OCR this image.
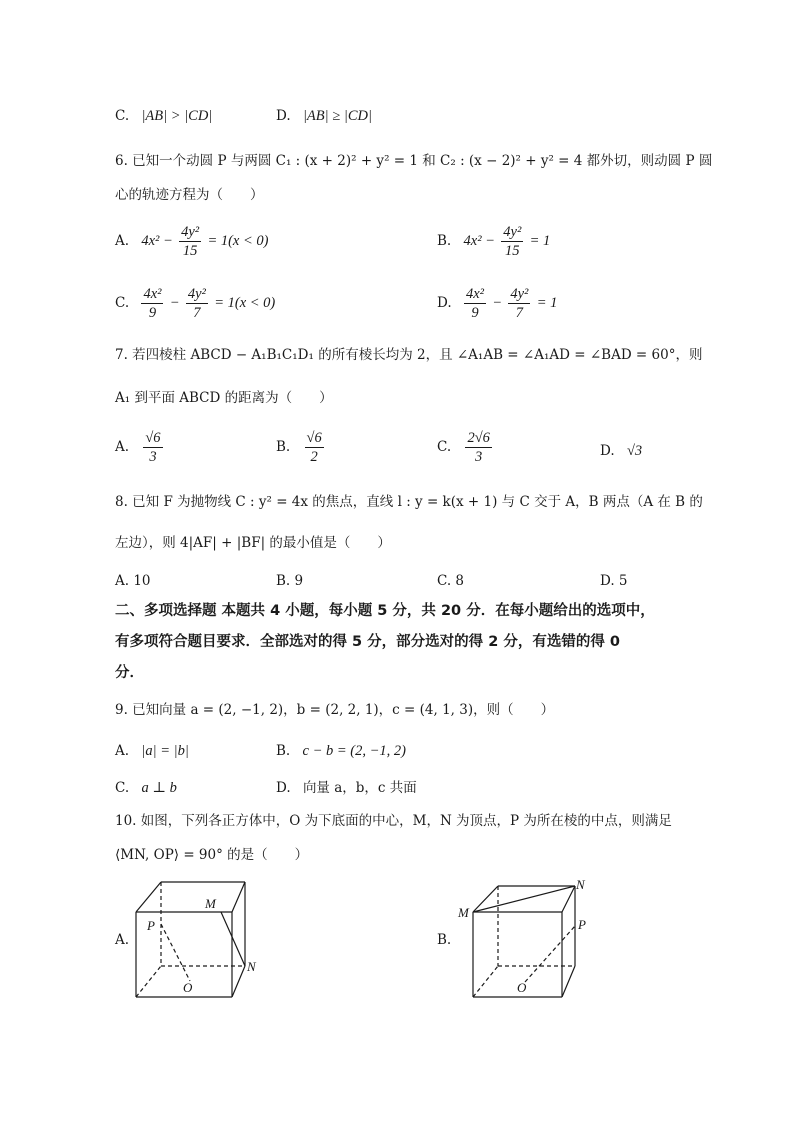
C. |AB| > |CD|	D. |AB| ≥ |CD|
6. 已知一个动圆 P 与两圆 C₁ : (x + 2)² + y² = 1 和 C₂ : (x − 2)² + y² = 4 都外切，则动圆 P 圆
心的轨迹方程为（　　）
A. $4x^2 - \frac{\text{4y²}}{15} = 1(x < 0)$	B. $4x^2 - \frac{\text{4y²}}{15} = 1$
C. $\frac{\text{4x²}}{9} - \frac{\text{4y²}}{7} = 1(x < 0)$	D. $\frac{\text{4x²}}{9} - \frac{\text{4y²}}{7} = 1$
7. 若四棱柱 ABCD − A₁B₁C₁D₁ 的所有棱长均为 2，且 ∠A₁AB = ∠A₁AD = ∠BAD = 60°，则
A₁ 到平面 ABCD 的距离为（　　）
A. $\frac{√6}{3}$	B. $\frac{√6}{2}$	C. $\frac{2√6}{3}$	D. √3
8. 已知 F 为抛物线 C : y² = 4x 的焦点，直线 l : y = k(x + 1) 与 C 交于 A，B 两点（A 在 B 的
左边），则 4|AF| + |BF| 的最小值是（　　）
A. 10	B. 9	C. 8	D. 5
二、多项选择题 本题共 4 小题，每小题 5 分，共 20 分．在每小题给出的选项中，
有多项符合题目要求．全部选对的得 5 分，部分选对的得 2 分，有选错的得 0
分．
9. 已知向量 a = (2, −1, 2)，b = (2, 2, 1)，c = (4, 1, 3)，则（　　）
A. |a| = |b|	B. c − b = (2, −1, 2)
C. a ⊥ b	D. 向量 a，b，c 共面
10. 如图，下列各正方体中，O 为下底面的中心，M，N 为顶点，P 为所在棱的中点，则满足
⟨MN, OP⟩ = 90° 的是（　　）
A.	B.
M
N
P
O
M
N
P
O
